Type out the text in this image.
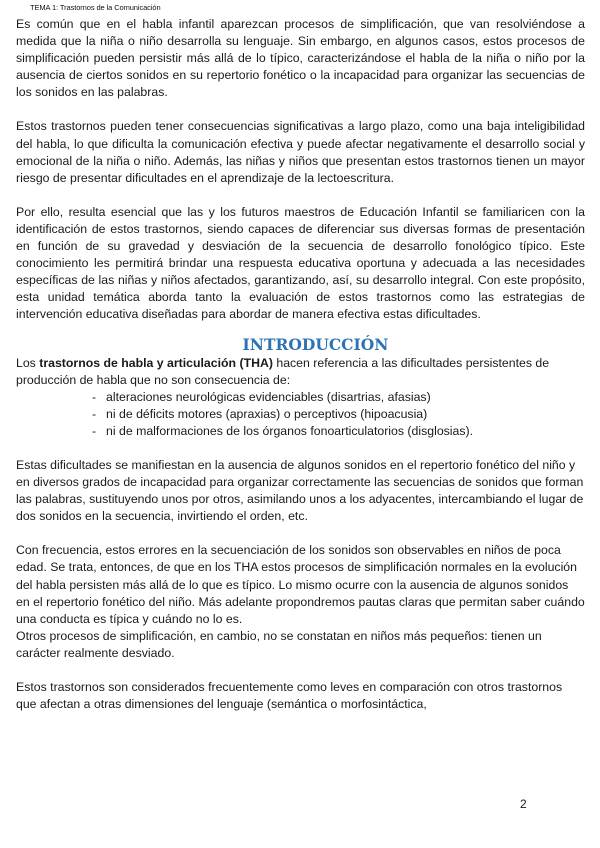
TEMA 1: Trastornos de la Comunicación

Es común que en el habla infantil aparezcan procesos de simplificación, que van resolviéndose a medida que la niña o niño desarrolla su lenguaje. Sin embargo, en algunos casos, estos procesos de simplificación pueden persistir más allá de lo típico, caracterizándose el habla de la niña o niño por la ausencia de ciertos sonidos en su repertorio fonético o la incapacidad para organizar las secuencias de los sonidos en las palabras.

Estos trastornos pueden tener consecuencias significativas a largo plazo, como una baja inteligibilidad del habla, lo que dificulta la comunicación efectiva y puede afectar negativamente el desarrollo social y emocional de la niña o niño. Además, las niñas y niños que presentan estos trastornos tienen un mayor riesgo de presentar dificultades en el aprendizaje de la lectoescritura.

Por ello, resulta esencial que las y los futuros maestros de Educación Infantil se familiaricen con la identificación de estos trastornos, siendo capaces de diferenciar sus diversas formas de presentación en función de su gravedad y desviación de la secuencia de desarrollo fonológico típico. Este conocimiento les permitirá brindar una respuesta educativa oportuna y adecuada a las necesidades específicas de las niñas y niños afectados, garantizando, así, su desarrollo integral. Con este propósito, esta unidad temática aborda tanto la evaluación de estos trastornos como las estrategias de intervención educativa diseñadas para abordar de manera efectiva estas dificultades.

INTRODUCCIÓN

Los trastornos de habla y articulación (THA) hacen referencia a las dificultades persistentes de producción de habla que no son consecuencia de:

- alteraciones neurológicas evidenciables (disartrias, afasias)
- ni de déficits motores (apraxias) o perceptivos (hipoacusia)
- ni de malformaciones de los órganos fonoarticulatorios (disglosias).

Estas dificultades se manifiestan en la ausencia de algunos sonidos en el repertorio fonético del niño y en diversos grados de incapacidad para organizar correctamente las secuencias de sonidos que forman las palabras, sustituyendo unos por otros, asimilando unos a los adyacentes, intercambiando el lugar de dos sonidos en la secuencia, invirtiendo el orden, etc.

Con frecuencia, estos errores en la secuenciación de los sonidos son observables en niños de poca edad. Se trata, entonces, de que en los THA estos procesos de simplificación normales en la evolución del habla persisten más allá de lo que es típico. Lo mismo ocurre con la ausencia de algunos sonidos en el repertorio fonético del niño. Más adelante propondremos pautas claras que permitan saber cuándo una conducta es típica y cuándo no lo es.

Otros procesos de simplificación, en cambio, no se constatan en niños más pequeños: tienen un carácter realmente desviado.

Estos trastornos son considerados frecuentemente como leves en comparación con otros trastornos que afectan a otras dimensiones del lenguaje (semántica o morfosintáctica,

2
